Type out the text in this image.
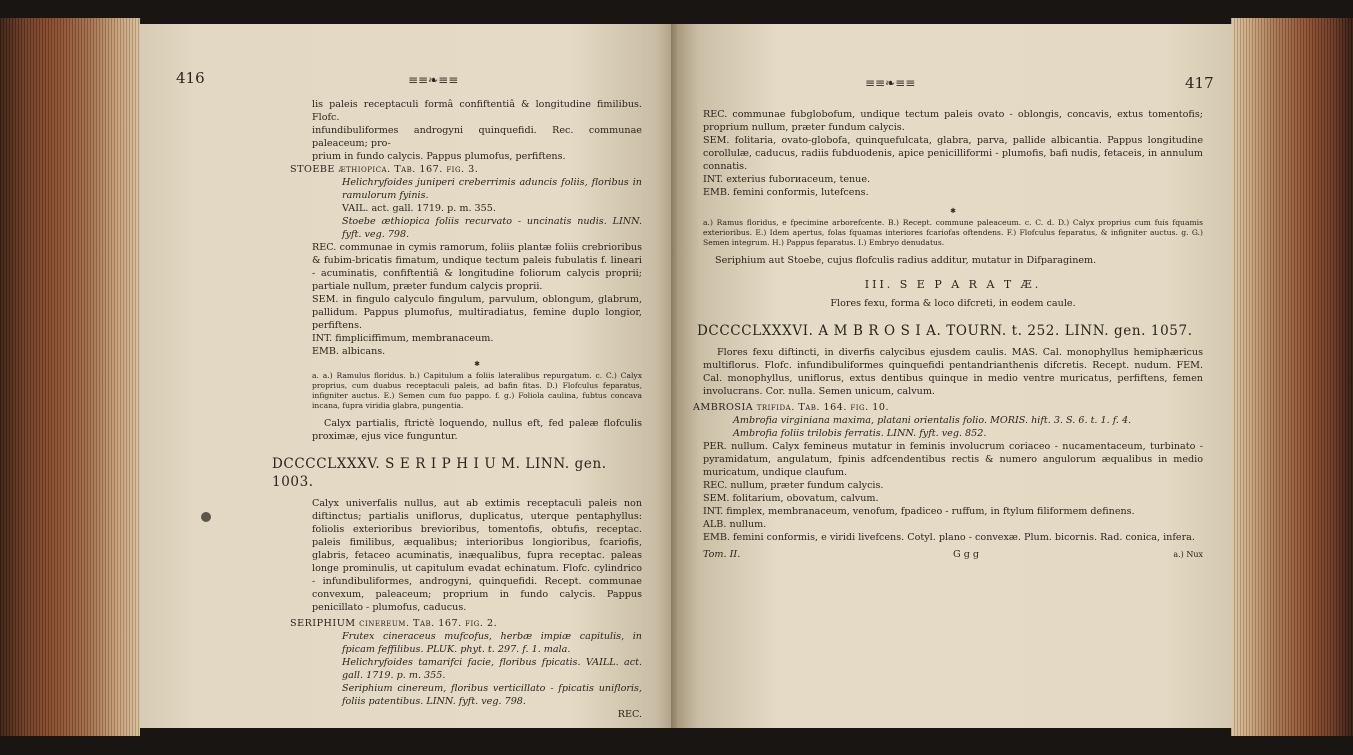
416	≡≡❧≡≡

lis paleis receptaculi formâ confiftentiâ & longitudine fimilibus. Flofc.

infundibuliformes androgyni quinquefidi. Rec. communae paleaceum; pro-

prium in fundo calycis. Pappus plumofus, perfiftens.

STOEBE æthiopica. Tab. 167. fig. 3.

Helichryfoides juniperi creberrimis aduncis foliis, floribus in ramulorum fyinis.

VAIL. act. gall. 1719. p. m. 355.

Stoebe æthiopica foliis recurvato - uncinatis nudis. LINN. fyft. veg. 798.

REC. communae in cymis ramorum, foliis plantæ foliis crebrioribus & fubim-bricatis fimatum, undique tectum paleis fubulatis f. lineari - acuminatis, confiftentiâ & longitudine foliorum calycis proprii; partiale nullum, præter fundum calycis proprii.

SEM. in fingulo calyculo fingulum, parvulum, oblongum, glabrum, pallidum. Pappus plumofus, multiradiatus, femine duplo longior, perfiftens.

INT. fimpliciffimum, membranaceum.

EMB. albicans.

✱

a. a.) Ramulus floridus. b.) Capitulum a foliis lateralibus repurgatum. c. C.) Calyx proprius, cum duabus receptaculi paleis, ad bafin fitas. D.) Flofculus feparatus, infigniter auctus. E.) Semen cum fuo pappo. f. g.) Foliola caulina, fubtus concava incana, fupra viridia glabra, pungentia.

Calyx partialis, ftrictè loquendo, nullus eft, fed paleæ flofculis proximæ, ejus vice funguntur.

DCCCCLXXXV. S E R I P H I U M. LINN. gen. 1003.

Calyx univerfalis nullus, aut ab extimis receptaculi paleis non diftinctus; partialis uniflorus, duplicatus, uterque pentaphyllus: foliolis exterioribus brevioribus, tomentofis, obtufis, receptac. paleis fimilibus, æqualibus; interioribus longioribus, fcariofis, glabris, fetaceo acuminatis, inæqualibus, fupra receptac. paleas longe prominulis, ut capitulum evadat echinatum. Flofc. cylindrico - infundibuliformes, androgyni, quinquefidi. Recept. communae convexum, paleaceum; proprium in fundo calycis. Pappus penicillato - plumofus, caducus.

SERIPHIUM cinereum. Tab. 167. fig. 2.

Frutex cineraceus mufcofus, herbæ impiæ capitulis, in fpicam feffilibus. PLUK. phyt. t. 297. f. 1. mala.

Helichryfoides tamarifci facie, floribus fpicatis. VAILL. act. gall. 1719. p. m. 355.

Seriphium cinereum, floribus verticillato - fpicatis unifloris, foliis patentibus. LINN. fyft. veg. 798.

REC.

≡≡❧≡≡	417

REC. communae fubglobofum, undique tectum paleis ovato - oblongis, concavis, extus tomentofis; proprium nullum, præter fundum calycis.

SEM. folitaria, ovato-globofa, quinquefulcata, glabra, parva, pallide albicantia. Pappus longitudine corollulæ, caducus, radiis fubduodenis, apice penicilliformi - plumofis, bafi nudis, fetaceis, in annulum connatis.

INT. exterius fuborиaceum, tenue.

EMB. femini conformis, lutefcens.

✱

a.) Ramus floridus, e fpecimine arborefcente. B.) Recept. commune paleaceum. c. C. d. D.) Calyx proprius cum fuis fquamis exterioribus. E.) Idem apertus, folas fquamas interiores fcariofas oftendens. F.) Flofculus feparatus, & infigniter auctus. g. G.) Semen integrum. H.) Pappus feparatus. I.) Embryo denudatus.

Seriphium aut Stoebe, cujus flofculis radius additur, mutatur in Difparaginem.

III. S E P A R A T Æ.

Flores fexu, forma & loco difcreti, in eodem caule.

DCCCCLXXXVI. A M B R O S I A. TOURN. t. 252. LINN. gen. 1057.

Flores fexu diftincti, in diverfis calycibus ejusdem caulis. MAS. Cal. monophyllus hemiphæricus multiflorus. Flofc. infundibuliformes quinquefidi pentandrianthenis difcretis. Recept. nudum. FEM. Cal. monophyllus, uniflorus, extus dentibus quinque in medio ventre muricatus, perfiftens, femen involucrans. Cor. nulla. Semen unicum, calvum.

AMBROSIA trifida. Tab. 164. fig. 10.

Ambrofia virginiana maxima, platani orientalis folio. MORIS. hift. 3. S. 6. t. 1. f. 4.

Ambrofia foliis trilobis ferratis. LINN. fyft. veg. 852.

PER. nullum. Calyx femineus mutatur in feminis involucrum coriaceo - nucamentaceum, turbinato - pyramidatum, angulatum, fpinis adfcendentibus rectis & numero angulorum æqualibus in medio muricatum, undique claufum.

REC. nullum, præter fundum calycis.

SEM. folitarium, obovatum, calvum.

INT. fimplex, membranaceum, venofum, fpadiceo - ruffum, in ftylum filiformem definens.

ALB. nullum.

EMB. femini conformis, e viridi livefcens. Cotyl. plano - convexæ. Plum. bicornis. Rad. conica, infera.

Tom. II.	G g g	a.) Nux
